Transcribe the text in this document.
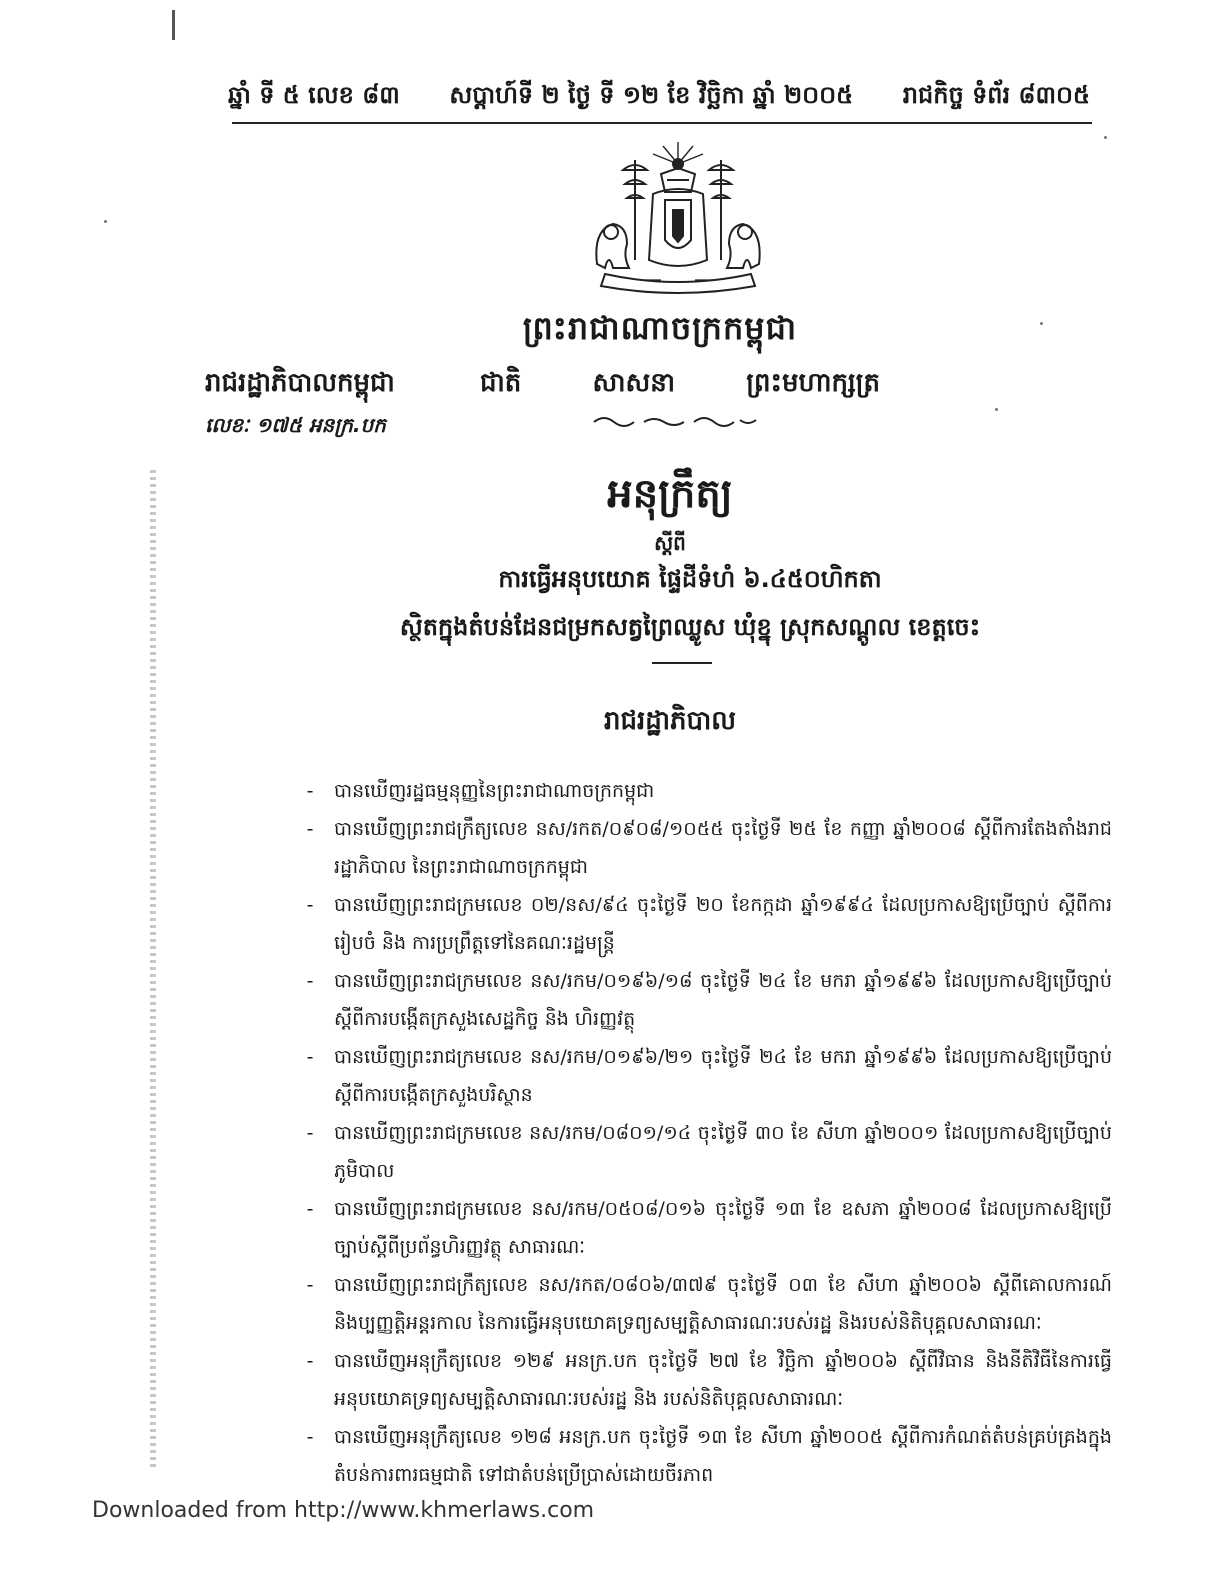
ឆ្នាំ ទី ៥ លេខ ៨៣ សប្តាហ៍ទី ២ ថ្ងៃ ទី ១២ ខែ វិច្ឆិកា ឆ្នាំ ២០០៥ រាជកិច្ច ទំព័រ ៨៣០៥
ព្រះរាជាណាចក្រកម្ពុជា
រាជរដ្ឋាភិបាលកម្ពុជា	ជាតិ	សាសនា	ព្រះមហាក្សត្រ
លេខៈ ១៧៥ អនក្រ.បក
អនុក្រឹត្យ
ស្តីពី
ការធ្វើអនុបយោគ ផ្ទៃដីទំហំ ៦.៤៥០ហិកតា
ស្ថិតក្នុងតំបន់ដែនជម្រកសត្វព្រៃឈ្លូស ឃុំខ្នុ ស្រុកសណ្ដូល ខេត្តចេះ
រាជរដ្ឋាភិបាល
-	បានឃើញរដ្ឋធម្មនុញ្ញនៃព្រះរាជាណាចក្រកម្ពុជា
-	បានឃើញព្រះរាជក្រឹត្យលេខ នស/រកត/០៩០៨/១០៥៥ ចុះថ្ងៃទី ២៥ ខែ កញ្ញា ឆ្នាំ២០០៨ ស្តីពីការតែងតាំងរាជរដ្ឋាភិបាល នៃព្រះរាជាណាចក្រកម្ពុជា
-	បានឃើញព្រះរាជក្រមលេខ ០២/នស/៩៤ ចុះថ្ងៃទី ២០ ខែកក្កដា ឆ្នាំ១៩៩៤ ដែលប្រកាសឱ្យប្រើច្បាប់ ស្តីពីការរៀបចំ និង ការប្រព្រឹត្តទៅនៃគណៈរដ្ឋមន្ត្រី
-	បានឃើញព្រះរាជក្រមលេខ នស/រកម/០១៩៦/១៨ ចុះថ្ងៃទី ២៤ ខែ មករា ឆ្នាំ១៩៩៦ ដែលប្រកាសឱ្យប្រើច្បាប់ស្តីពីការបង្កើតក្រសួងសេដ្ឋកិច្ច និង ហិរញ្ញវត្ថុ
-	បានឃើញព្រះរាជក្រមលេខ នស/រកម/០១៩៦/២១ ចុះថ្ងៃទី ២៤ ខែ មករា ឆ្នាំ១៩៩៦ ដែលប្រកាសឱ្យប្រើច្បាប់ស្តីពីការបង្កើតក្រសួងបរិស្ថាន
-	បានឃើញព្រះរាជក្រមលេខ នស/រកម/០៨០១/១៤ ចុះថ្ងៃទី ៣០ ខែ សីហា ឆ្នាំ២០០១ ដែលប្រកាសឱ្យប្រើច្បាប់ភូមិបាល
-	បានឃើញព្រះរាជក្រមលេខ នស/រកម/០៥០៨/០១៦ ចុះថ្ងៃទី ១៣ ខែ ឧសភា ឆ្នាំ២០០៨ ដែលប្រកាសឱ្យប្រើច្បាប់ស្តីពីប្រព័ន្ធហិរញ្ញវត្ថុ សាធារណៈ
-	បានឃើញព្រះរាជក្រឹត្យលេខ នស/រកត/០៨០៦/៣៧៩ ចុះថ្ងៃទី ០៣ ខែ សីហា ឆ្នាំ២០០៦ ស្តីពីគោលការណ៍ និងប្បញ្ញត្តិអន្តរកាល នៃការធ្វើអនុបយោគទ្រព្យសម្បត្តិសាធារណៈរបស់រដ្ឋ និងរបស់និតិបុគ្គលសាធារណៈ
-	បានឃើញអនុក្រឹត្យលេខ ១២៩ អនក្រ.បក ចុះថ្ងៃទី ២៧ ខែ វិច្ឆិកា ឆ្នាំ២០០៦ ស្តីពីវិធាន និងនីតិវិធីនៃការធ្វើអនុបយោគទ្រព្យសម្បត្តិសាធារណៈរបស់រដ្ឋ និង របស់និតិបុគ្គលសាធារណៈ
-	បានឃើញអនុក្រឹត្យលេខ ១២៨ អនក្រ.បក ចុះថ្ងៃទី ១៣ ខែ សីហា ឆ្នាំ២០០៥ ស្តីពីការកំណត់តំបន់គ្រប់គ្រងក្នុងតំបន់ការពារធម្មជាតិ ទៅជាតំបន់ប្រើប្រាស់ដោយចីរភាព
Downloaded from http://www.khmerlaws.com
